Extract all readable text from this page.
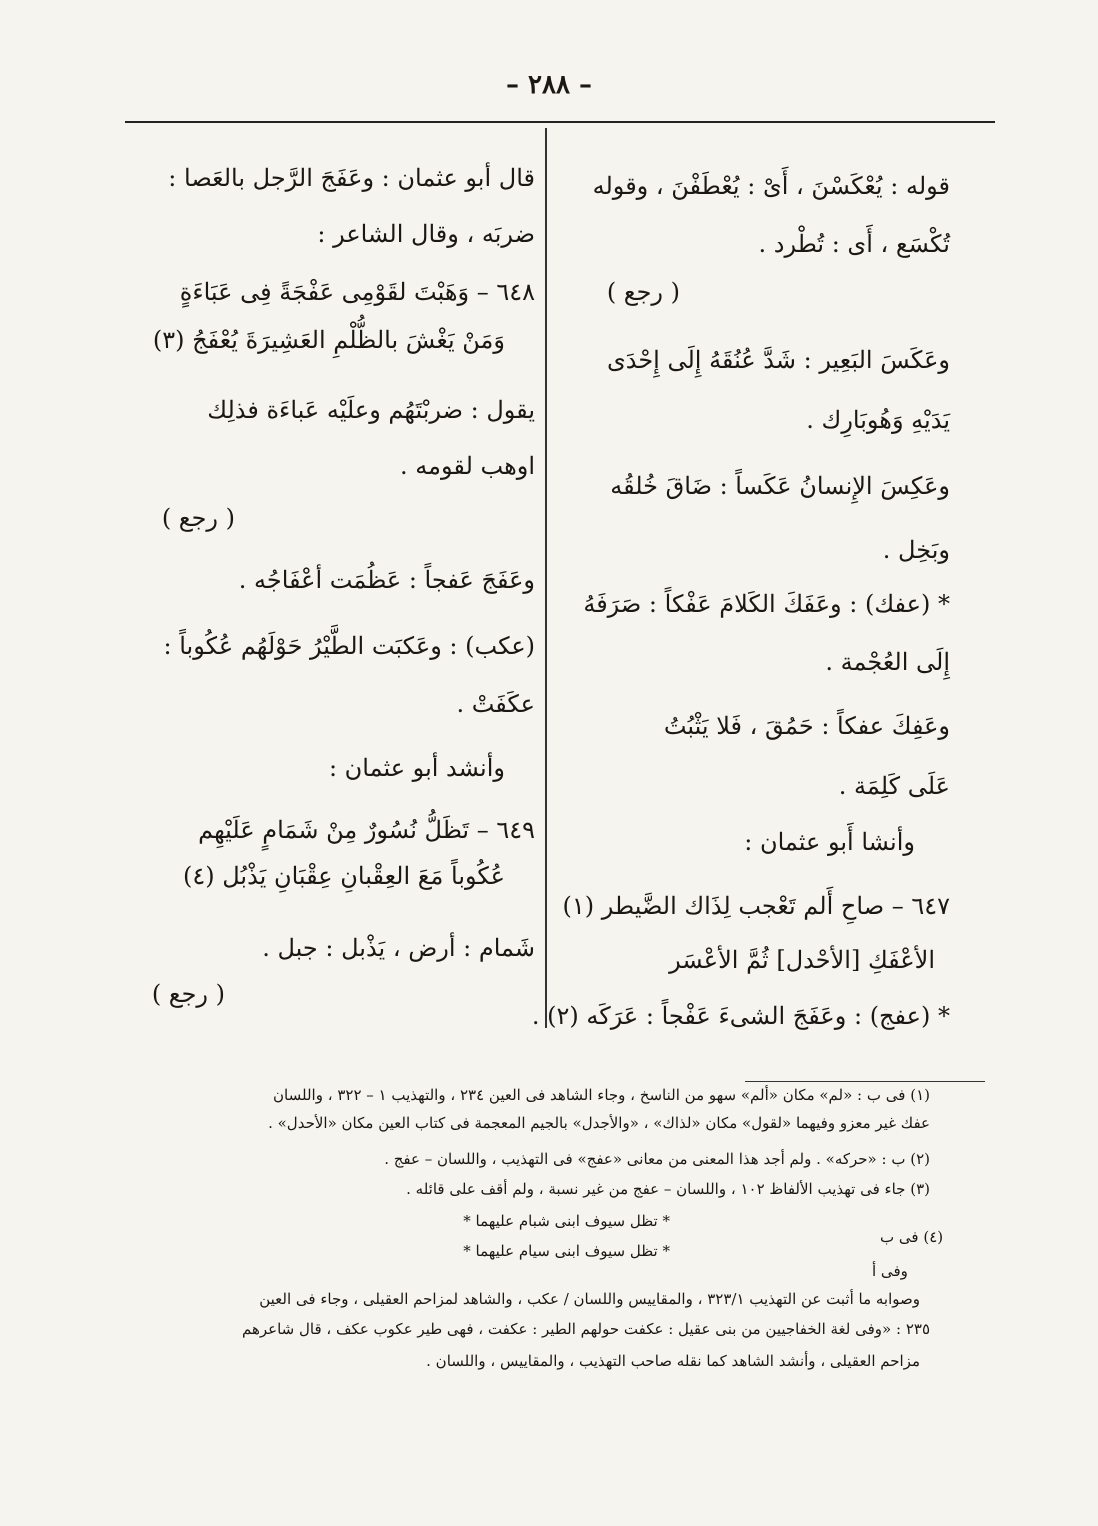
– ٢٨٨ –
قوله : يُعْكَسْنَ ، أَىْ : يُعْطَفْنَ ، وقوله
تُكْسَع ، أَى : تُطْرد .
( رجع )
وعَكَسَ البَعِير : شَدَّ عُنُقَهُ إِلَى إِحْدَى
يَدَيْهِ وَهُوبَارِك .
وعَكِسَ الإِنسانُ عَكَساً : ضَاقَ خُلقُه
وبَخِل .
* (عفك) : وعَفَكَ الكَلامَ عَفْكاً : صَرَفَهُ
إِلَى العُجْمة .
وعَفِكَ عفكاً : حَمُقَ ، فَلا يَثْبُتُ
عَلَى كَلِمَة .
وأنشا أَبو عثمان :
٦٤٧ – صاحِ أَلم تَعْجب لِذَاك الضَّيطر (١)
الأعْفَكِ [الأحْدل] ثُمَّ الأعْسَر
* (عفج) : وعَفَجَ الشىءَ عَفْجاً : عَرَكَه (٢) .
قال أبو عثمان : وعَفَجَ الرَّجل بالعَصا :
ضربَه ، وقال الشاعر :
٦٤٨ – وَهَبْتَ لقَوْمِى عَفْجَةً فِى عَبَاءَةٍ
وَمَنْ يَغْشَ بالظُّلْمِ العَشِيرَةَ يُعْفَجُ (٣)
يقول : ضربْتَهُم وعلَيْه عَباءَة فذلِك
اوهب لقومه .
( رجع )
وعَفَجَ عَفجاً : عَظُمَت أعْفَاجُه .
(عكب) : وعَكبَت الطَّيْرُ حَوْلَهُم عُكُوباً :
عكَفَتْ .
وأنشد أبو عثمان :
٦٤٩ – تَظَلُّ نُسُورٌ مِنْ شَمَامٍ عَلَيْهِم
عُكُوباً مَعَ العِقْبانِ عِقْبَانِ يَذْبُل (٤)
شَمام : أرض ، يَذْبل : جبل .
( رجع )
(١) فى ب : «لم» مكان «ألم» سهو من الناسخ ، وجاء الشاهد فى العين ٢٣٤ ، والتهذيب ١ – ٣٢٢ ، واللسان
عفك غير معزو وفيهما «لقول» مكان «لذاك» ، «والأجدل» بالجيم المعجمة فى كتاب العين مكان «الأحدل» .
(٢) ب : «حركه» . ولم أجد هذا المعنى من معانى «عفج» فى التهذيب ، واللسان – عفج .
(٣) جاء فى تهذيب الألفاظ ١٠٢ ، واللسان – عفج من غير نسبة ، ولم أقف على قائله .
* تظل سيوف ابنى شبام عليهما *
* تظل سيوف ابنى سيام عليهما *
(٤) فى ب
وفى أ
وصوابه ما أثبت عن التهذيب ٣٢٣/١ ، والمقاييس واللسان / عكب ، والشاهد لمزاحم العقيلى ، وجاء فى العين
٢٣٥ : «وفى لغة الخفاجيين من بنى عقيل : عكفت حولهم الطير : عكفت ، فهى طير عكوب عكف ، قال شاعرهم
مزاحم العقيلى ، وأنشد الشاهد كما نقله صاحب التهذيب ، والمقاييس ، واللسان .
